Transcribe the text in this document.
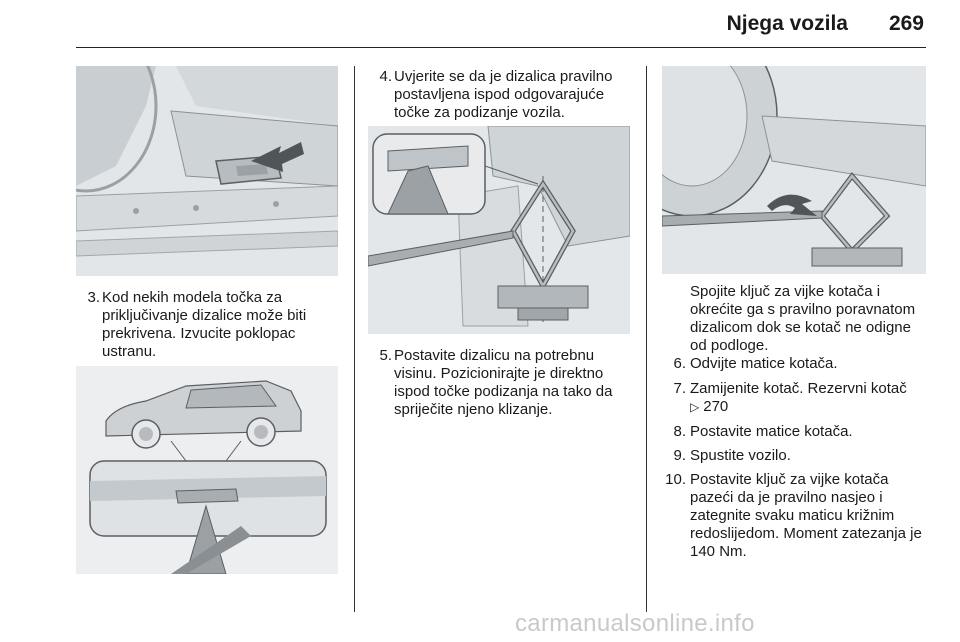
Njega vozila 269
3. Kod nekih modela točka za priključivanje dizalice može biti prekrivena. Izvucite poklopac ustranu.
4. Uvjerite se da je dizalica pravilno postavljena ispod odgovarajuće točke za podizanje vozila.
5. Postavite dizalicu na potrebnu visinu. Pozicionirajte je direktno ispod točke podizanja na tako da spriječite njeno klizanje.
Spojite ključ za vijke kotača i okrećite ga s pravilno poravnatom dizalicom dok se kotač ne odigne od podloge.
6. Odvijte matice kotača.
7. Zamijenite kotač. Rezervni kotač
▷ 270
8. Postavite matice kotača.
9. Spustite vozilo.
10. Postavite ključ za vijke kotača pazeći da je pravilno nasjeo i zategnite svaku maticu križnim redoslijedom. Moment zatezanja je 140 Nm.
carmanualsonline.info
